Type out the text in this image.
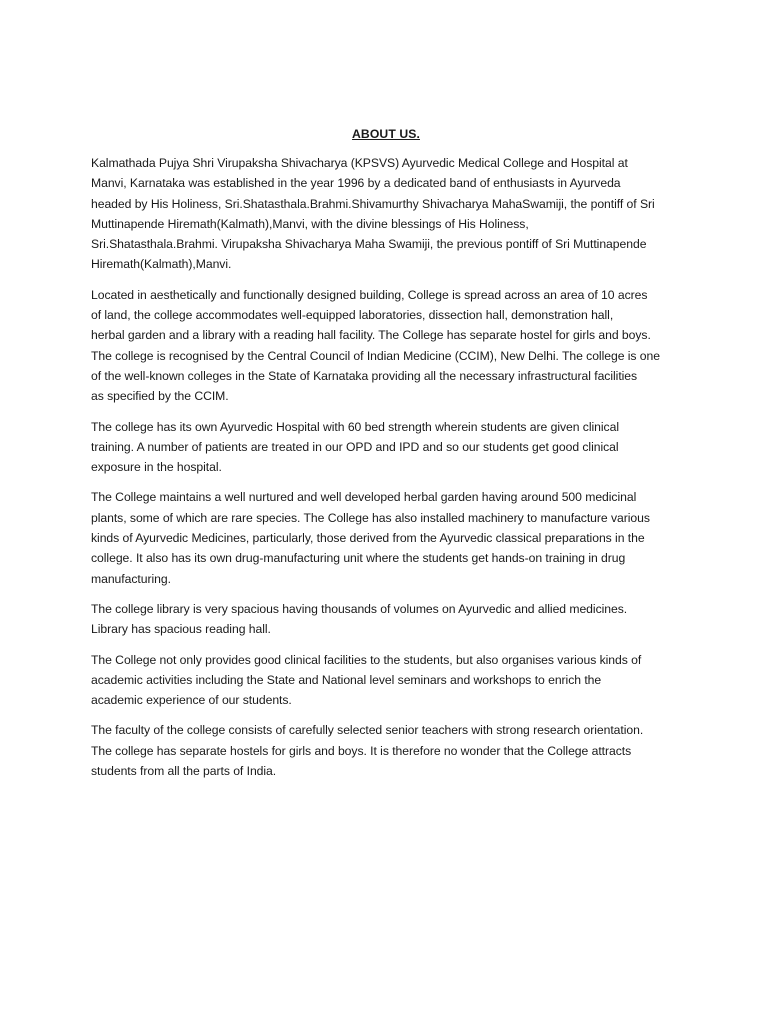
ABOUT US.

Kalmathada Pujya Shri Virupaksha Shivacharya (KPSVS) Ayurvedic Medical College and Hospital at
Manvi, Karnataka was established in the year 1996 by a dedicated band of enthusiasts in Ayurveda
headed by His Holiness, Sri.Shatasthala.Brahmi.Shivamurthy Shivacharya MahaSwamiji, the pontiff of Sri
Muttinapende Hiremath(Kalmath),Manvi, with the divine blessings of His Holiness,
Sri.Shatasthala.Brahmi. Virupaksha Shivacharya Maha Swamiji, the previous pontiff of Sri Muttinapende
Hiremath(Kalmath),Manvi.

Located in aesthetically and functionally designed building, College is spread across an area of 10 acres
of land, the college accommodates well-equipped laboratories, dissection hall, demonstration hall,
herbal garden and a library with a reading hall facility. The College has separate hostel for girls and boys.
The college is recognised by the Central Council of Indian Medicine (CCIM), New Delhi. The college is one
of the well-known colleges in the State of Karnataka providing all the necessary infrastructural facilities
as specified by the CCIM.

The college has its own Ayurvedic Hospital with 60 bed strength wherein students are given clinical
training. A number of patients are treated in our OPD and IPD and so our students get good clinical
exposure in the hospital.

The College maintains a well nurtured and well developed herbal garden having around 500 medicinal
plants, some of which are rare species. The College has also installed machinery to manufacture various
kinds of Ayurvedic Medicines, particularly, those derived from the Ayurvedic classical preparations in the
college. It also has its own drug-manufacturing unit where the students get hands-on training in drug
manufacturing.

The college library is very spacious having thousands of volumes on Ayurvedic and allied medicines.
Library has spacious reading hall.

The College not only provides good clinical facilities to the students, but also organises various kinds of
academic activities including the State and National level seminars and workshops to enrich the
academic experience of our students.

The faculty of the college consists of carefully selected senior teachers with strong research orientation.
The college has separate hostels for girls and boys. It is therefore no wonder that the College attracts
students from all the parts of India.
